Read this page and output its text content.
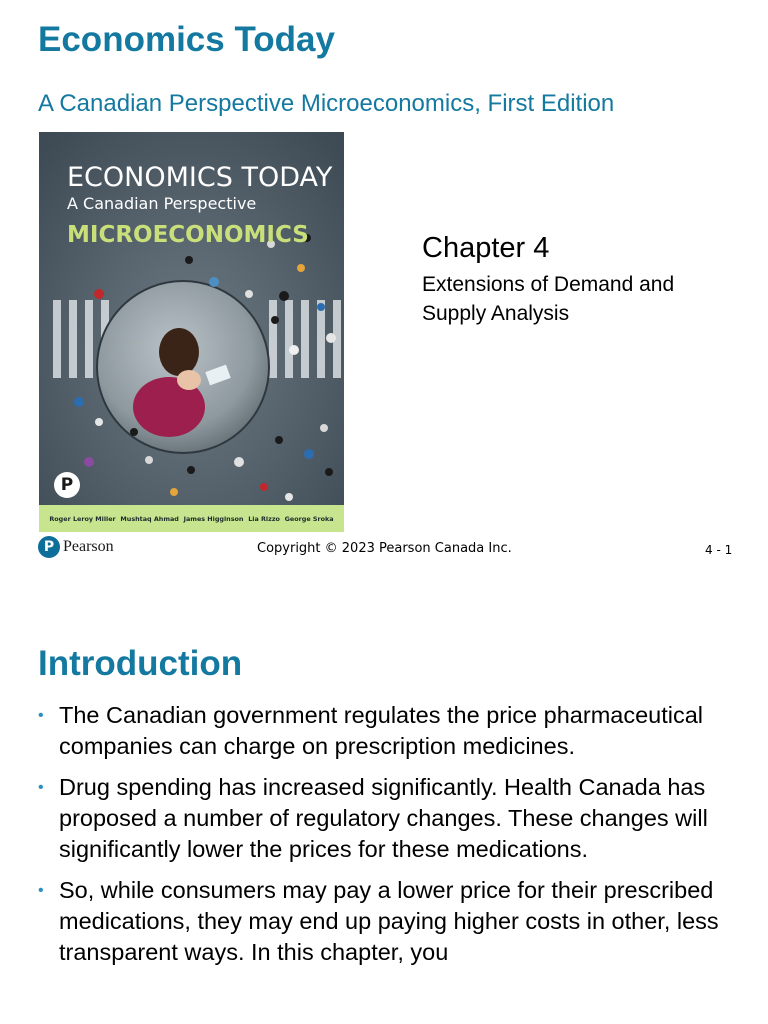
Economics Today
A Canadian Perspective Microeconomics, First Edition
ECONOMICS TODAY
A Canadian Perspective
MICROECONOMICS
P
Roger Leroy Miller Mushtaq Ahmad James Higginson Lia Rizzo George Sroka
Chapter 4
Extensions of Demand and Supply Analysis
P Pearson	Copyright © 2023 Pearson Canada Inc.	4 - 1
Introduction
• The Canadian government regulates the price pharmaceutical companies can charge on prescription medicines.
• Drug spending has increased significantly. Health Canada has proposed a number of regulatory changes. These changes will significantly lower the prices for these medications.
• So, while consumers may pay a lower price for their prescribed medications, they may end up paying higher costs in other, less transparent ways. In this chapter, you
